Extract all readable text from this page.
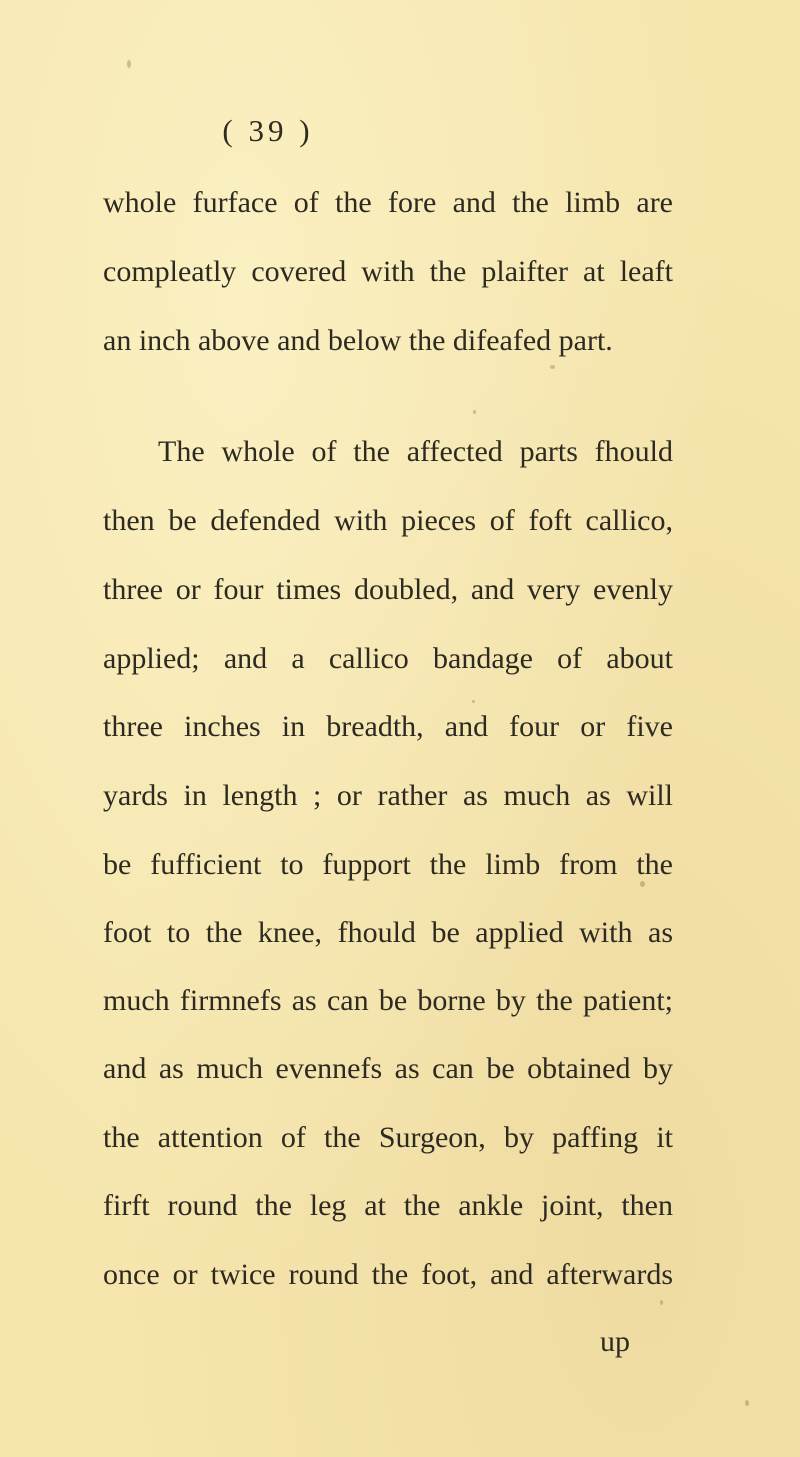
( 39 )
whole furface of the fore and the limb are
compleatly covered with the plaifter at leaft
an inch above and below the difeafed part.
The whole of the affected parts fhould
then be defended with pieces of foft callico,
three or four times doubled, and very evenly
applied; and a callico bandage of about
three inches in breadth, and four or five
yards in length ; or rather as much as will
be fufficient to fupport the limb from the
foot to the knee, fhould be applied with as
much firmnefs as can be borne by the patient;
and as much evennefs as can be obtained by
the attention of the Surgeon, by paffing it
firft round the leg at the ankle joint, then
once or twice round the foot, and afterwards
up
